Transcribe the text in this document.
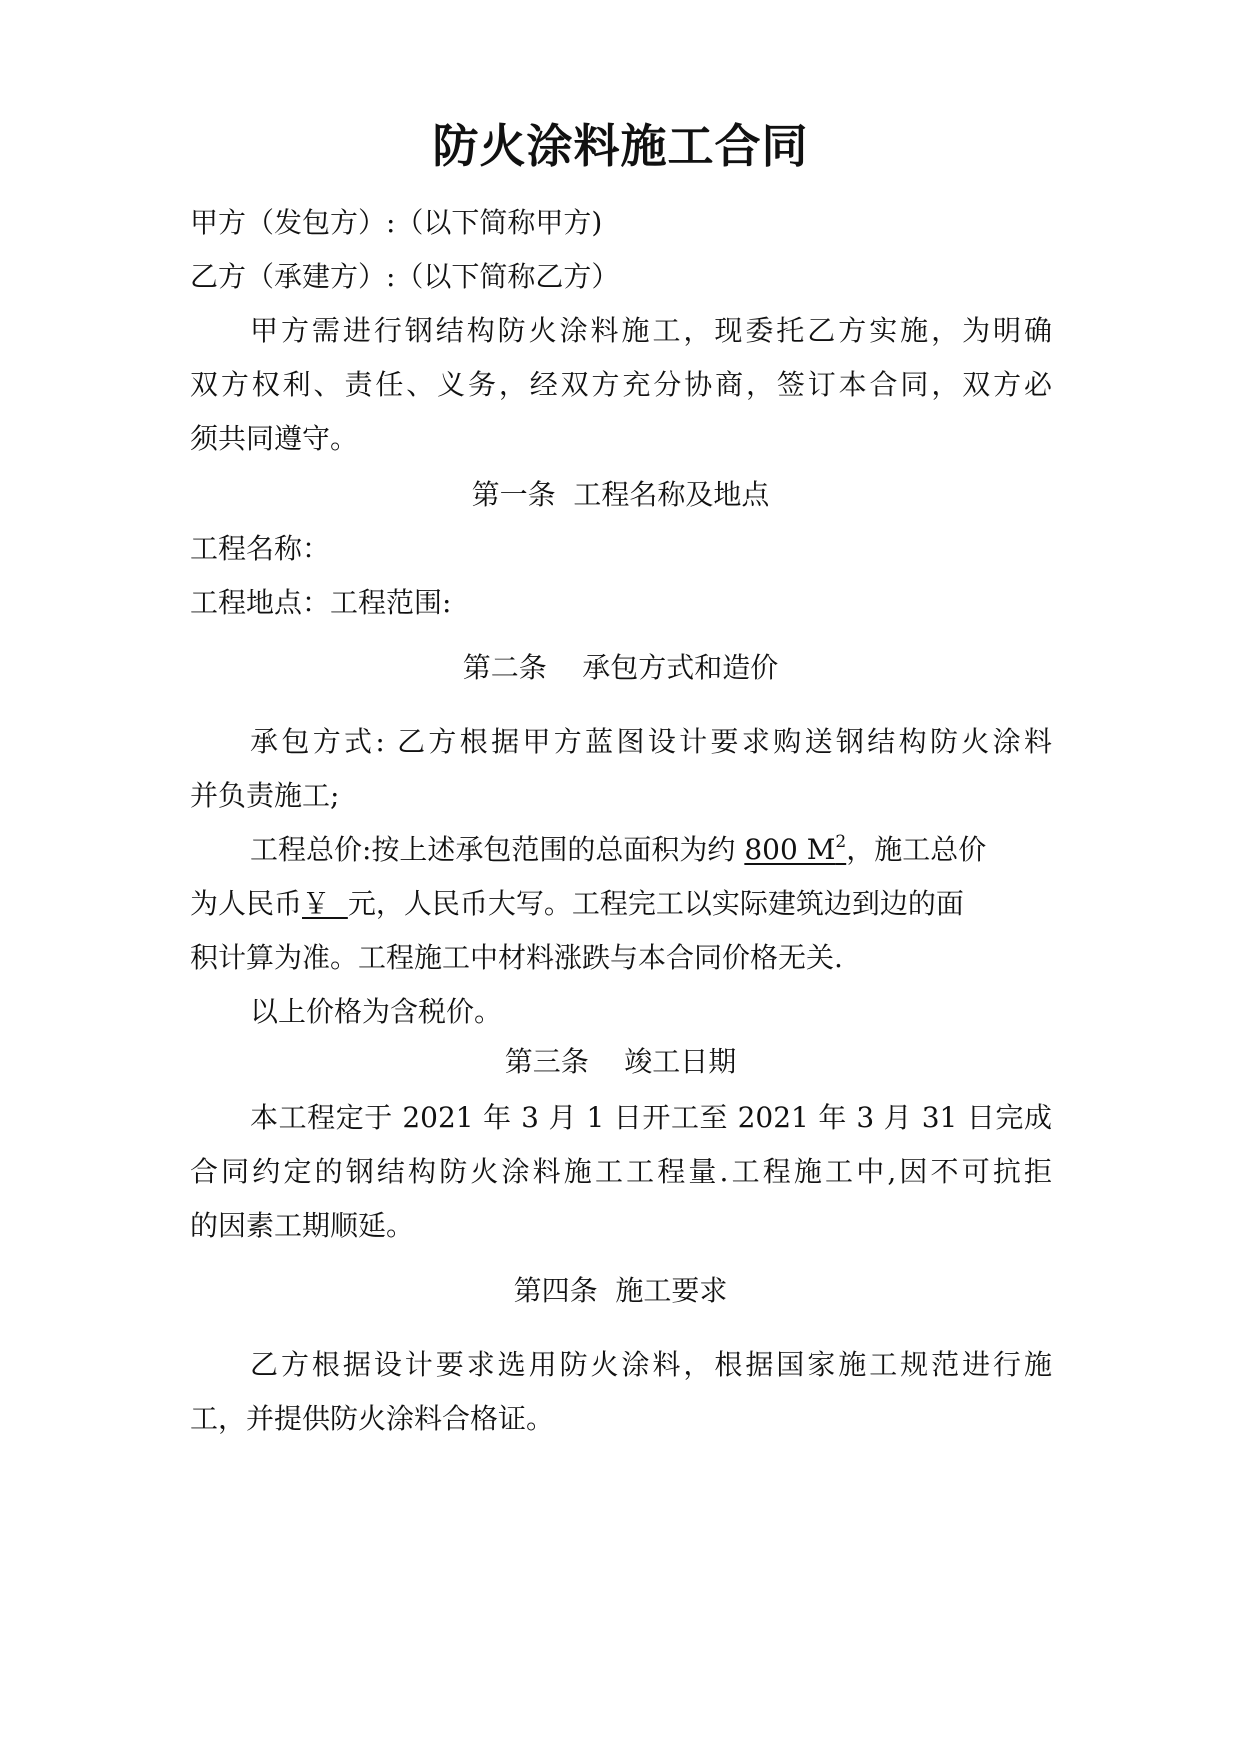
防火涂料施工合同
甲方（发包方）:（以下简称甲方)
乙方（承建方）:（以下简称乙方）
甲方需进行钢结构防火涂料施工，现委托乙方实施，为明确
双方权利、责任、义务，经双方充分协商，签订本合同，双方必
须共同遵守。
第一条  工程名称及地点
工程名称：
工程地点：工程范围:
第二条    承包方式和造价
承包方式: 乙方根据甲方蓝图设计要求购送钢结构防火涂料
并负责施工;
工程总价:按上述承包范围的总面积为约 800 $M^2$，施工总价
为人民币￥  元，人民币大写。工程完工以实际建筑边到边的面
积计算为准。工程施工中材料涨跌与本合同价格无关.
以上价格为含税价。
第三条    竣工日期
本工程定于 2021 年 3 月 1 日开工至 2021 年 3 月 31 日完成
合同约定的钢结构防火涂料施工工程量.工程施工中,因不可抗拒
的因素工期顺延。
第四条  施工要求
乙方根据设计要求选用防火涂料，根据国家施工规范进行施
工，并提供防火涂料合格证。
